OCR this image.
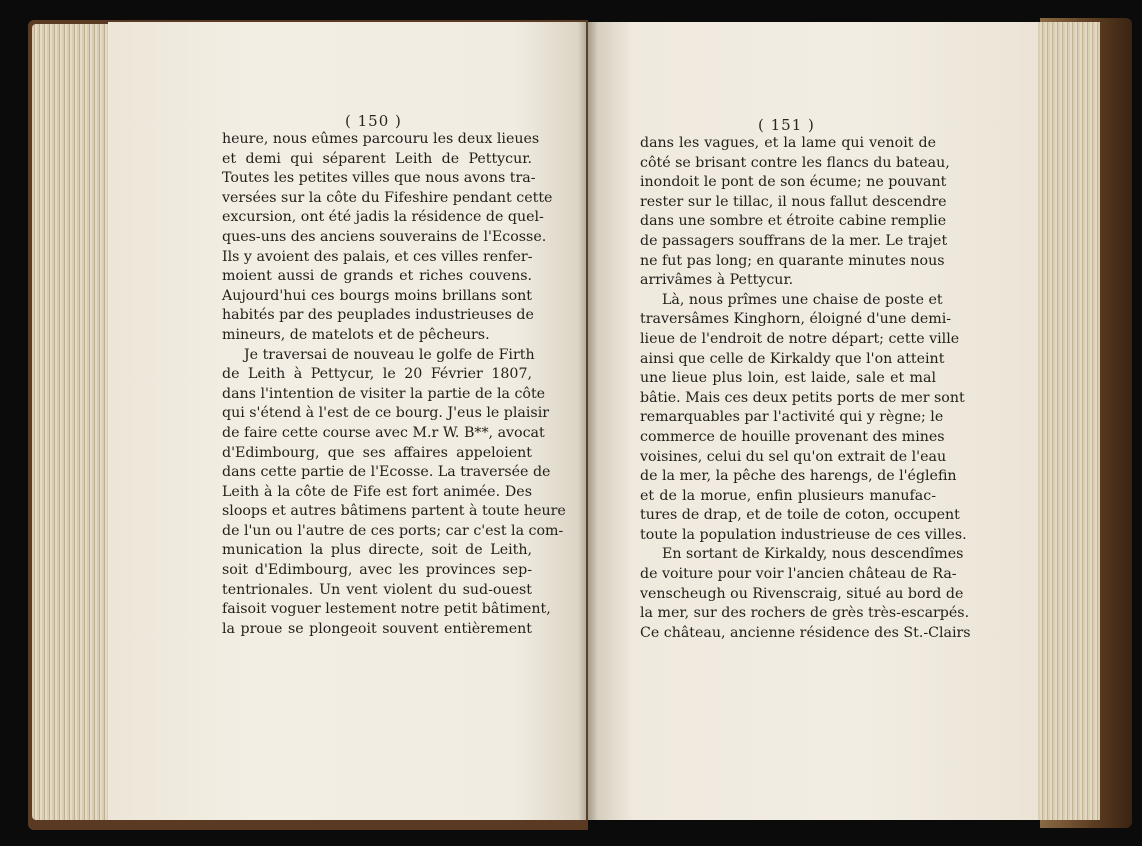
( 150 )	( 151 )
heure, nous eûmes parcouru les deux lieues
et demi qui séparent Leith de Pettycur.
Toutes les petites villes que nous avons tra-
versées sur la côte du Fifeshire pendant cette
excursion, ont été jadis la résidence de quel-
ques-uns des anciens souverains de l'Ecosse.
Ils y avoient des palais, et ces villes renfer-
moient aussi de grands et riches couvens.
Aujourd'hui ces bourgs moins brillans sont
habités par des peuplades industrieuses de
mineurs, de matelots et de pêcheurs.
Je traversai de nouveau le golfe de Firth
de Leith à Pettycur, le 20 Février 1807,
dans l'intention de visiter la partie de la côte
qui s'étend à l'est de ce bourg. J'eus le plaisir
de faire cette course avec M.r W. B**, avocat
d'Edimbourg, que ses affaires appeloient
dans cette partie de l'Ecosse. La traversée de
Leith à la côte de Fife est fort animée. Des
sloops et autres bâtimens partent à toute heure
de l'un ou l'autre de ces ports; car c'est la com-
munication la plus directe, soit de Leith,
soit d'Edimbourg, avec les provinces sep-
tentrionales. Un vent violent du sud-ouest
faisoit voguer lestement notre petit bâtiment,
la proue se plongeoit souvent entièrement
dans les vagues, et la lame qui venoit de
côté se brisant contre les flancs du bateau,
inondoit le pont de son écume; ne pouvant
rester sur le tillac, il nous fallut descendre
dans une sombre et étroite cabine remplie
de passagers souffrans de la mer. Le trajet
ne fut pas long; en quarante minutes nous
arrivâmes à Pettycur.
Là, nous prîmes une chaise de poste et
traversâmes Kinghorn, éloigné d'une demi-
lieue de l'endroit de notre départ; cette ville
ainsi que celle de Kirkaldy que l'on atteint
une lieue plus loin, est laide, sale et mal
bâtie. Mais ces deux petits ports de mer sont
remarquables par l'activité qui y règne; le
commerce de houille provenant des mines
voisines, celui du sel qu'on extrait de l'eau
de la mer, la pêche des harengs, de l'églefin
et de la morue, enfin plusieurs manufac-
tures de drap, et de toile de coton, occupent
toute la population industrieuse de ces villes.
En sortant de Kirkaldy, nous descendîmes
de voiture pour voir l'ancien château de Ra-
venscheugh ou Rivenscraig, situé au bord de
la mer, sur des rochers de grès très-escarpés.
Ce château, ancienne résidence des St.-Clairs
